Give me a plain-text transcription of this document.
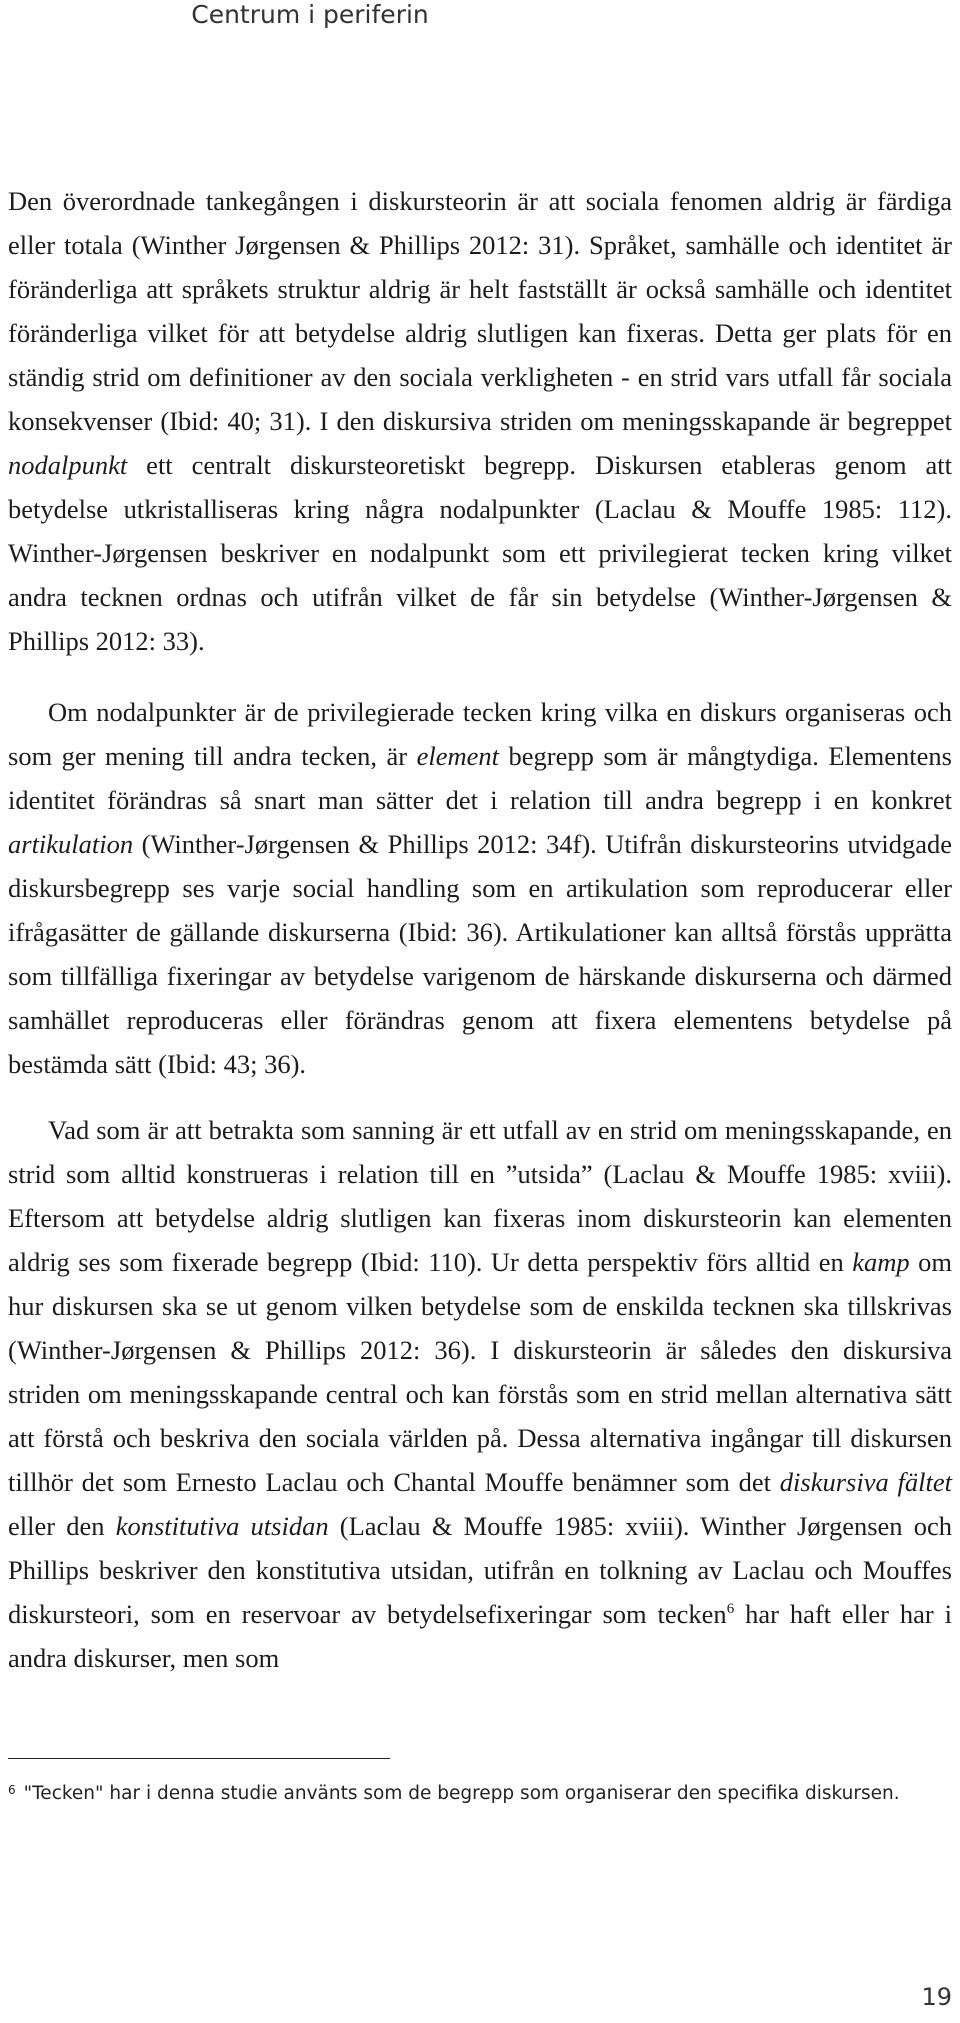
Centrum i periferin
Den överordnade tankegången i diskursteorin är att sociala fenomen aldrig är färdiga eller totala (Winther Jørgensen & Phillips 2012: 31). Språket, samhälle och identitet är föränderliga att språkets struktur aldrig är helt fastställt är också samhälle och identitet föränderliga vilket för att betydelse aldrig slutligen kan fixeras. Detta ger plats för en ständig strid om definitioner av den sociala verkligheten - en strid vars utfall får sociala konsekvenser (Ibid: 40; 31). I den diskursiva striden om meningsskapande är begreppet nodalpunkt ett centralt diskursteoretiskt begrepp. Diskursen etableras genom att betydelse utkristalliseras kring några nodalpunkter (Laclau & Mouffe 1985: 112). Winther-Jørgensen beskriver en nodalpunkt som ett privilegierat tecken kring vilket andra tecknen ordnas och utifrån vilket de får sin betydelse (Winther-Jørgensen & Phillips 2012: 33).
Om nodalpunkter är de privilegierade tecken kring vilka en diskurs organiseras och som ger mening till andra tecken, är element begrepp som är mångtydiga. Elementens identitet förändras så snart man sätter det i relation till andra begrepp i en konkret artikulation (Winther-Jørgensen & Phillips 2012: 34f). Utifrån diskursteorins utvidgade diskursbegrepp ses varje social handling som en artikulation som reproducerar eller ifrågasätter de gällande diskurserna (Ibid: 36). Artikulationer kan alltså förstås upprätta som tillfälliga fixeringar av betydelse varigenom de härskande diskurserna och därmed samhället reproduceras eller förändras genom att fixera elementens betydelse på bestämda sätt (Ibid: 43; 36).
Vad som är att betrakta som sanning är ett utfall av en strid om meningsskapande, en strid som alltid konstrueras i relation till en ”utsida” (Laclau & Mouffe 1985: xviii). Eftersom att betydelse aldrig slutligen kan fixeras inom diskursteorin kan elementen aldrig ses som fixerade begrepp (Ibid: 110). Ur detta perspektiv förs alltid en kamp om hur diskursen ska se ut genom vilken betydelse som de enskilda tecknen ska tillskrivas (Winther-Jørgensen & Phillips 2012: 36). I diskursteorin är således den diskursiva striden om meningsskapande central och kan förstås som en strid mellan alternativa sätt att förstå och beskriva den sociala världen på. Dessa alternativa ingångar till diskursen tillhör det som Ernesto Laclau och Chantal Mouffe benämner som det diskursiva fältet eller den konstitutiva utsidan (Laclau & Mouffe 1985: xviii). Winther Jørgensen och Phillips beskriver den konstitutiva utsidan, utifrån en tolkning av Laclau och Mouffes diskursteori, som en reservoar av betydelsefixeringar som tecken$^6$ har haft eller har i andra diskurser, men som
$^6$ "Tecken" har i denna studie använts som de begrepp som organiserar den specifika diskursen.
19
